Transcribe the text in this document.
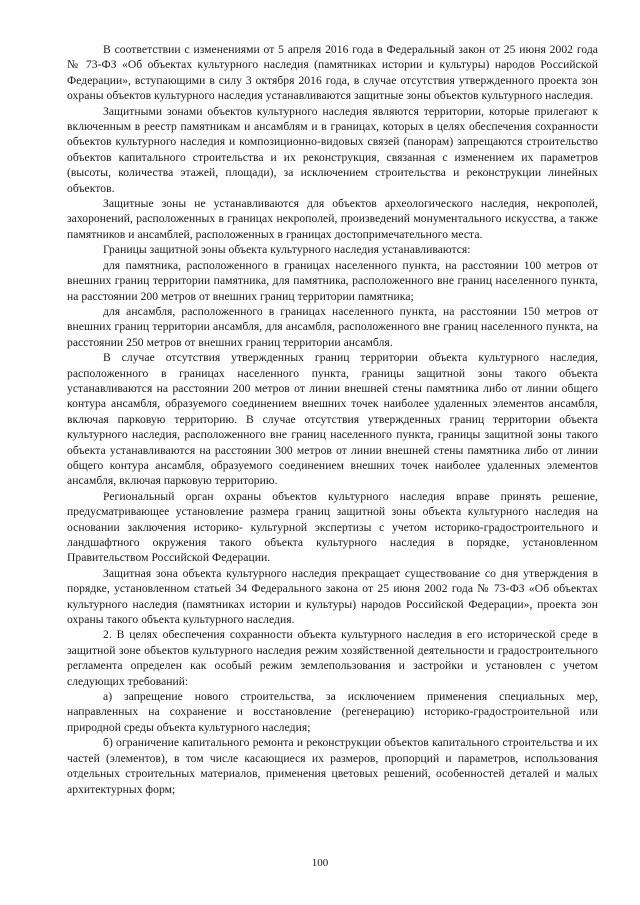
В соответствии с изменениями от 5 апреля 2016 года в Федеральный закон от 25 июня 2002 года № 73-ФЗ «Об объектах культурного наследия (памятниках истории и культуры) народов Российской Федерации», вступающими в силу 3 октября 2016 года, в случае отсутствия утвержденного проекта зон охраны объектов культурного наследия устанавливаются защитные зоны объектов культурного наследия.

Защитными зонами объектов культурного наследия являются территории, которые прилегают к включенным в реестр памятникам и ансамблям и в границах, которых в целях обеспечения сохранности объектов культурного наследия и композиционно-видовых связей (панорам) запрещаются строительство объектов капитального строительства и их реконструкция, связанная с изменением их параметров (высоты, количества этажей, площади), за исключением строительства и реконструкции линейных объектов.

Защитные зоны не устанавливаются для объектов археологического наследия, некрополей, захоронений, расположенных в границах некрополей, произведений монументального искусства, а также памятников и ансамблей, расположенных в границах достопримечательного места.

Границы защитной зоны объекта культурного наследия устанавливаются:

для памятника, расположенного в границах населенного пункта, на расстоянии 100 метров от внешних границ территории памятника, для памятника, расположенного вне границ населенного пункта, на расстоянии 200 метров от внешних границ территории памятника;

для ансамбля, расположенного в границах населенного пункта, на расстоянии 150 метров от внешних границ территории ансамбля, для ансамбля, расположенного вне границ населенного пункта, на расстоянии 250 метров от внешних границ территории ансамбля.

В случае отсутствия утвержденных границ территории объекта культурного наследия, расположенного в границах населенного пункта, границы защитной зоны такого объекта устанавливаются на расстоянии 200 метров от линии внешней стены памятника либо от линии общего контура ансамбля, образуемого соединением внешних точек наиболее удаленных элементов ансамбля, включая парковую территорию. В случае отсутствия утвержденных границ территории объекта культурного наследия, расположенного вне границ населенного пункта, границы защитной зоны такого объекта устанавливаются на расстоянии 300 метров от линии внешней стены памятника либо от линии общего контура ансамбля, образуемого соединением внешних точек наиболее удаленных элементов ансамбля, включая парковую территорию.

Региональный орган охраны объектов культурного наследия вправе принять решение, предусматривающее установление размера границ защитной зоны объекта культурного наследия на основании заключения историко- культурной экспертизы с учетом историко-градостроительного и ландшафтного окружения такого объекта культурного наследия в порядке, установленном Правительством Российской Федерации.

Защитная зона объекта культурного наследия прекращает существование со дня утверждения в порядке, установленном статьей 34 Федерального закона от 25 июня 2002 года № 73-ФЗ «Об объектах культурного наследия (памятниках истории и культуры) народов Российской Федерации», проекта зон охраны такого объекта культурного наследия.

2. В целях обеспечения сохранности объекта культурного наследия в его исторической среде в защитной зоне объектов культурного наследия режим хозяйственной деятельности и градостроительного регламента определен как особый режим землепользования и застройки и установлен с учетом следующих требований:

а) запрещение нового строительства, за исключением применения специальных мер, направленных на сохранение и восстановление (регенерацию) историко-градостроительной или природной среды объекта культурного наследия;

б) ограничение капитального ремонта и реконструкции объектов капитального строительства и их частей (элементов), в том числе касающиеся их размеров, пропорций и параметров, использования отдельных строительных материалов, применения цветовых решений, особенностей деталей и малых архитектурных форм;

100
